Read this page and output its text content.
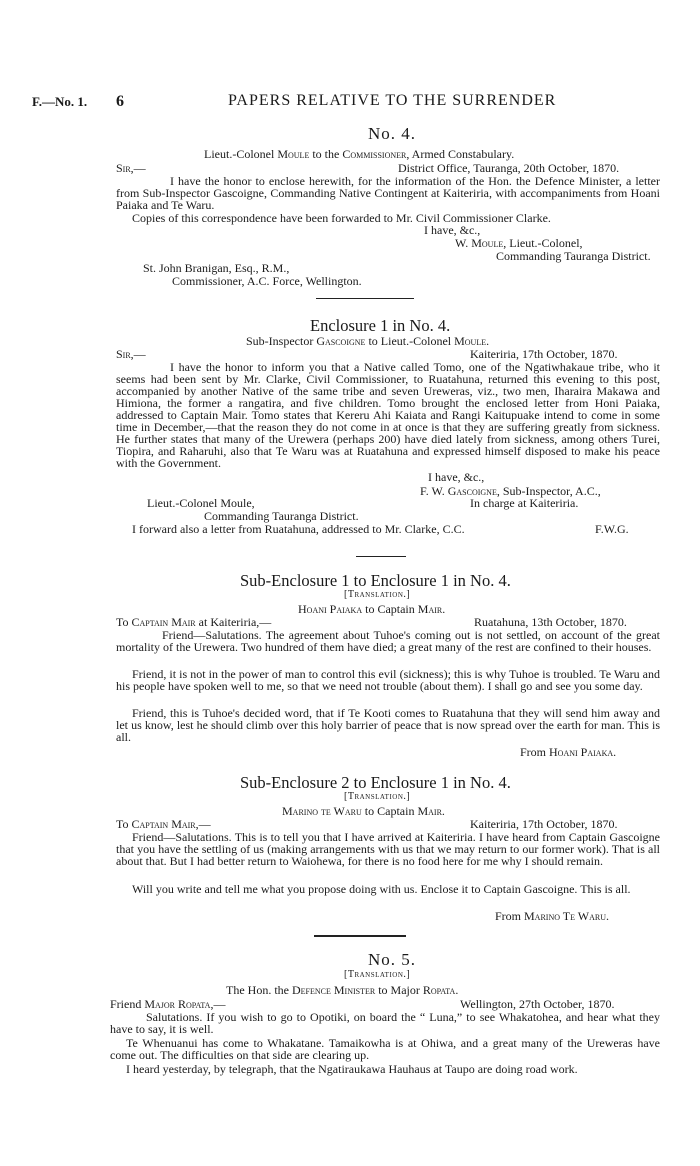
F.—No. 1. 6	PAPERS RELATIVE TO THE SURRENDER
No. 4.
Lieut.-Colonel Moule to the Commissioner, Armed Constabulary.
Sir,—	District Office, Tauranga, 20th October, 1870.
I have the honor to enclose herewith, for the information of the Hon. the Defence Minister, a letter from Sub-Inspector Gascoigne, Commanding Native Contingent at Kaiteriria, with accompaniments from Hoani Paiaka and Te Waru.
Copies of this correspondence have been forwarded to Mr. Civil Commissioner Clarke.
I have, &c.,
W. Moule, Lieut.-Colonel,
Commanding Tauranga District.
St. John Branigan, Esq., R.M.,
Commissioner, A.C. Force, Wellington.
Enclosure 1 in No. 4.
Sub-Inspector Gascoigne to Lieut.-Colonel Moule.
Sir,—	Kaiteriria, 17th October, 1870.
I have the honor to inform you that a Native called Tomo, one of the Ngatiwhakaue tribe, who it seems had been sent by Mr. Clarke, Civil Commissioner, to Ruatahuna, returned this evening to this post, accompanied by another Native of the same tribe and seven Ureweras, viz., two men, Iharaira Makawa and Himiona, the former a rangatira, and five children. Tomo brought the enclosed letter from Honi Paiaka, addressed to Captain Mair. Tomo states that Kereru Ahi Kaiata and Rangi Kaitupuake intend to come in some time in December,—that the reason they do not come in at once is that they are suffering greatly from sickness. He further states that many of the Urewera (perhaps 200) have died lately from sickness, among others Turei, Tiopira, and Raharuhi, also that Te Waru was at Ruatahuna and expressed himself disposed to make his peace with the Government.
I have, &c.,
F. W. Gascoigne, Sub-Inspector, A.C.,
In charge at Kaiteriria.
Lieut.-Colonel Moule,
Commanding Tauranga District.
I forward also a letter from Ruatahuna, addressed to Mr. Clarke, C.C.	F.W.G.
Sub-Enclosure 1 to Enclosure 1 in No. 4.
[Translation.]
Hoani Paiaka to Captain Mair.
To Captain Mair at Kaiteriria,—	Ruatahuna, 13th October, 1870.
Friend—Salutations. The agreement about Tuhoe's coming out is not settled, on account of the great mortality of the Urewera. Two hundred of them have died; a great many of the rest are confined to their houses.
Friend, it is not in the power of man to control this evil (sickness); this is why Tuhoe is troubled. Te Waru and his people have spoken well to me, so that we need not trouble (about them). I shall go and see you some day.
Friend, this is Tuhoe's decided word, that if Te Kooti comes to Ruatahuna that they will send him away and let us know, lest he should climb over this holy barrier of peace that is now spread over the earth for man. This is all.
From Hoani Paiaka.
Sub-Enclosure 2 to Enclosure 1 in No. 4.
[Translation.]
Marino te Waru to Captain Mair.
To Captain Mair,—	Kaiteriria, 17th October, 1870.
Friend—Salutations. This is to tell you that I have arrived at Kaiteriria. I have heard from Captain Gascoigne that you have the settling of us (making arrangements with us that we may return to our former work). That is all about that. But I had better return to Waiohewa, for there is no food here for me why I should remain.
Will you write and tell me what you propose doing with us. Enclose it to Captain Gascoigne. This is all.
From Marino Te Waru.
No. 5.
[Translation.]
The Hon. the Defence Minister to Major Ropata.
Friend Major Ropata,—	Wellington, 27th October, 1870.
Salutations. If you wish to go to Opotiki, on board the “ Luna,” to see Whakatohea, and hear what they have to say, it is well.
Te Whenuanui has come to Whakatane. Tamaikowha is at Ohiwa, and a great many of the Ureweras have come out. The difficulties on that side are clearing up.
I heard yesterday, by telegraph, that the Ngatiraukawa Hauhaus at Taupo are doing road work.
